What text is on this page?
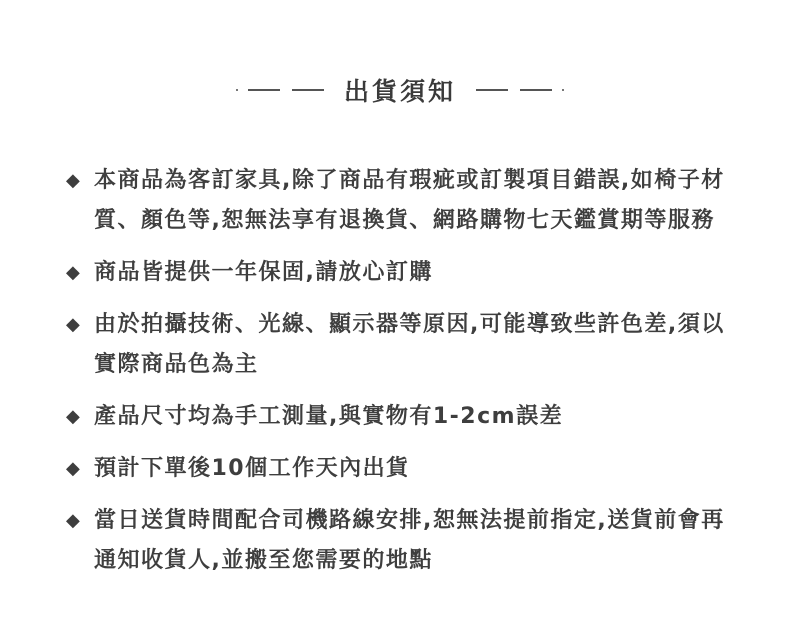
出貨須知
◆ 本商品為客訂家具,除了商品有瑕疵或訂製項目錯誤,如椅子材質、顏色等,恕無法享有退換貨、網路購物七天鑑賞期等服務

◆ 商品皆提供一年保固,請放心訂購

◆ 由於拍攝技術、光線、顯示器等原因,可能導致些許色差,須以實際商品色為主

◆ 產品尺寸均為手工測量,與實物有1-2cm誤差

◆ 預計下單後10個工作天內出貨

◆ 當日送貨時間配合司機路線安排,恕無法提前指定,送貨前會再通知收貨人,並搬至您需要的地點
